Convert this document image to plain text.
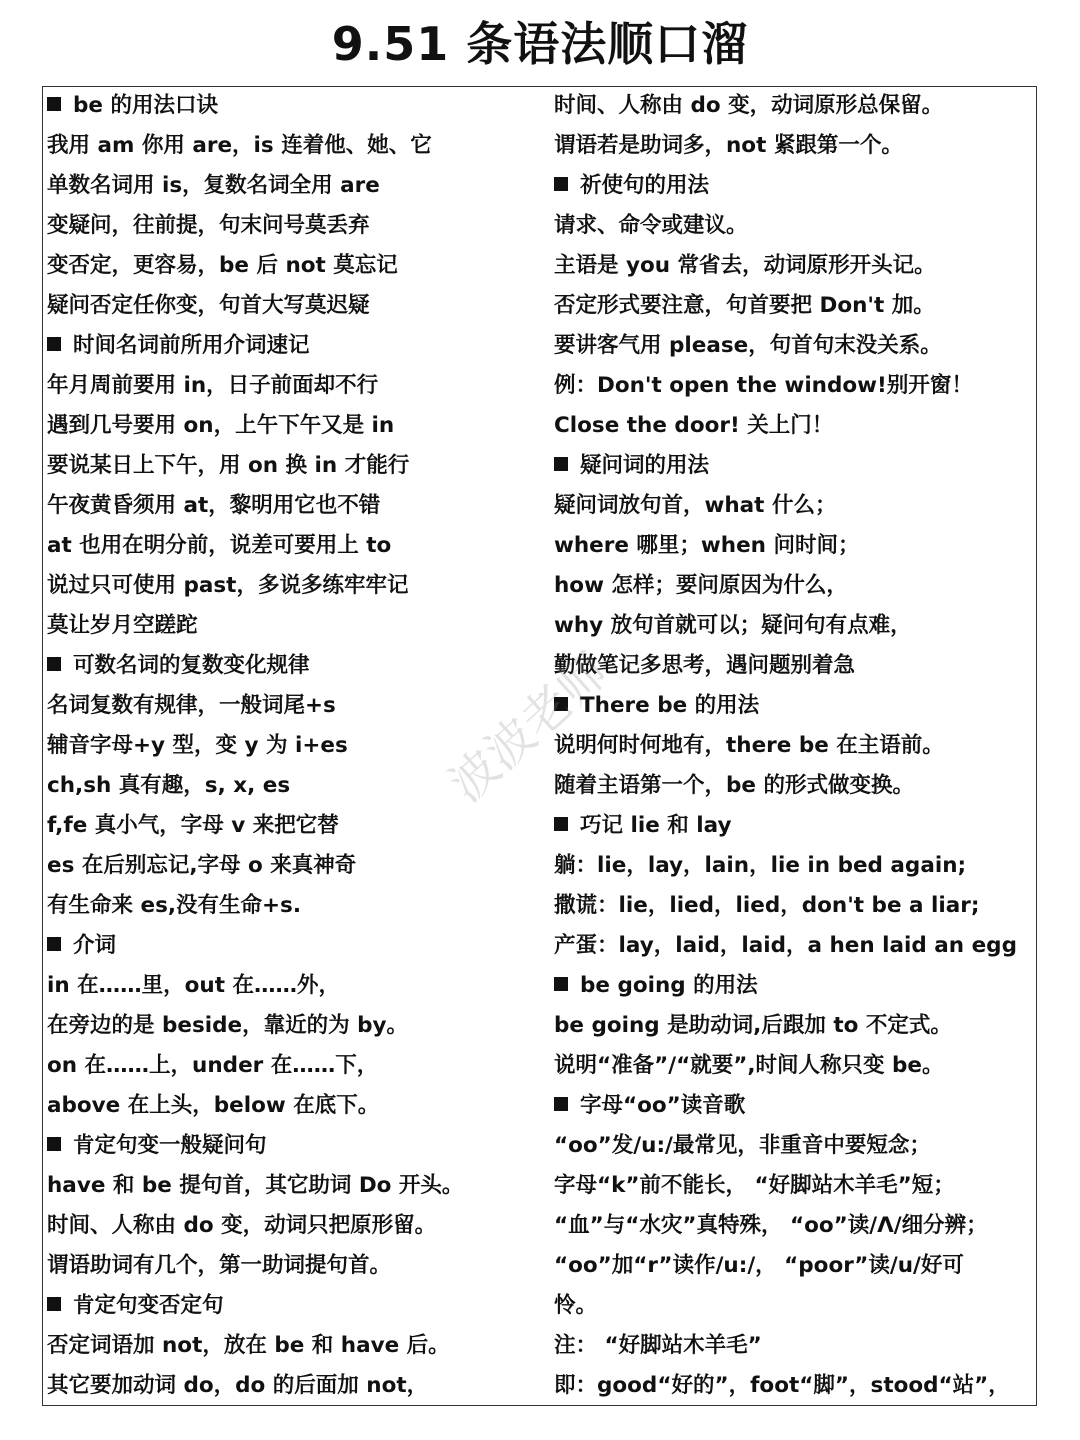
9.51 条语法顺口溜
be 的用法口诀
我用 am 你用 are，is 连着他、她、它
单数名词用 is，复数名词全用 are
变疑问，往前提，句末问号莫丢弃
变否定，更容易，be 后 not 莫忘记
疑问否定任你变，句首大写莫迟疑
时间名词前所用介词速记
年月周前要用 in，日子前面却不行
遇到几号要用 on，上午下午又是 in
要说某日上下午，用 on 换 in 才能行
午夜黄昏须用 at，黎明用它也不错
at 也用在明分前，说差可要用上 to
说过只可使用 past，多说多练牢牢记
莫让岁月空蹉跎
可数名词的复数变化规律
名词复数有规律，一般词尾+s
辅音字母+y 型，变 y 为 i+es
ch,sh 真有趣，s, x, es
f,fe 真小气，字母 v 来把它替
es 在后别忘记,字母 o 来真神奇
有生命来 es,没有生命+s.
介词
in 在……里，out 在……外，
在旁边的是 beside，靠近的为 by。
on 在……上，under 在……下，
above 在上头，below 在底下。
肯定句变一般疑问句
have 和 be 提句首，其它助词 Do 开头。
时间、人称由 do 变，动词只把原形留。
谓语助词有几个，第一助词提句首。
肯定句变否定句
否定词语加 not，放在 be 和 have 后。
其它要加动词 do，do 的后面加 not，
时间、人称由 do 变，动词原形总保留。
谓语若是助词多，not 紧跟第一个。
祈使句的用法
请求、命令或建议。
主语是 you 常省去，动词原形开头记。
否定形式要注意，句首要把 Don't 加。
要讲客气用 please，句首句末没关系。
例：Don't open the window!别开窗！
Close the door! 关上门！
疑问词的用法
疑问词放句首，what 什么；
where 哪里；when 问时间；
how 怎样；要问原因为什么，
why 放句首就可以；疑问句有点难，
勤做笔记多思考，遇问题别着急
There be 的用法
说明何时何地有，there be 在主语前。
随着主语第一个，be 的形式做变换。
巧记 lie 和 lay
躺：lie，lay，lain，lie in bed again;
撒谎：lie，lied，lied，don't be a liar;
产蛋：lay，laid，laid，a hen laid an egg
be going 的用法
be going 是助动词,后跟加 to 不定式。
说明“准备”/“就要”,时间人称只变 be。
字母“oo”读音歌
“oo”发/u:/最常见，非重音中要短念；
字母“k”前不能长， “好脚站木羊毛”短；
“血”与“水灾”真特殊， “oo”读/Λ/细分辨；
“oo”加“r”读作/u:/， “poor”读/u/好可
怜。
注： “好脚站木羊毛”
即：good“好的”，foot“脚”，stood“站”，
波波老师
